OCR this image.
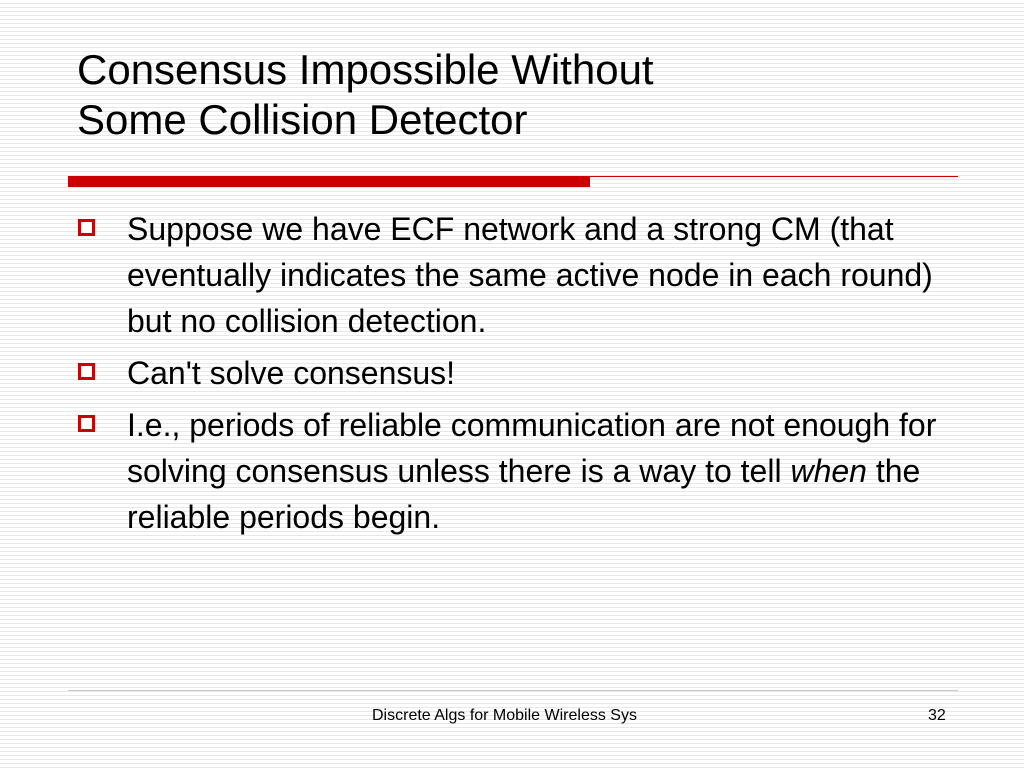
Consensus Impossible Without
Some Collision Detector
Suppose we have ECF network and a strong CM (that eventually indicates the same active node in each round) but no collision detection.
Can't solve consensus!
I.e., periods of reliable communication are not enough for solving consensus unless there is a way to tell when the reliable periods begin.
Discrete Algs for Mobile Wireless Sys	32
